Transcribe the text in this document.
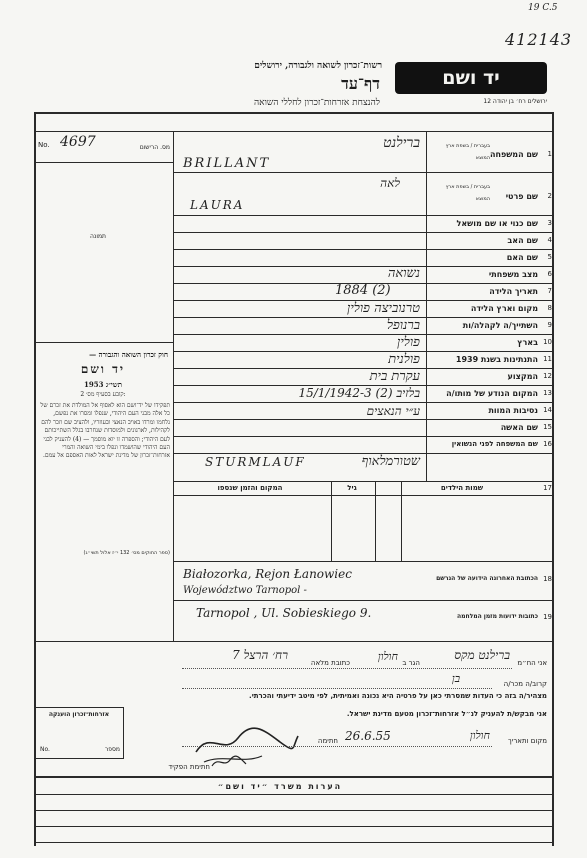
19 C.5
412143
רשות־זכרון לשואה ולגבורה, ירושלים
דף־עד
להנצחת אזרחות־זכרון לחללי השואה
יד ושם
ירושלים רח׳ בן יהודה 12
No. 4697	מס. הרישום
תמונה
חוק זכרון השואה והגבורה —
יד ושם
תשי״ג 1953
קובע בסעיף מס׳ 2:
תפקידו של יד־ושם הוא לאסוף אל המולדת את זכרם של כל אלה מבני העם היהודי, שנפלו ומסרו את נפשם, נלחמו ומרדו באויב הנאצי ובעוזריו, ולהציב שם וזכר להם לקהילות, לארגונים ולמוסדות שנחרבו בגלל השתייכותם לעם היהודי; והספרה זו יוא מוסמך — (4) להעניק לבני העם היהודי שהושמדו ונפלו בימי השואה והמרי אזרחות־זכרון של מדינת ישראל לאות האספם אל עמם.
(ספר החוקים מס׳ 132 י״ז אלול תשי״ג)
1
שם המשפחה
בעברית / בשפת ארץ המוצא
ברילנט
BRILLANT
2
שם פרטי
בעברית / בשפת ארץ המוצא
לאה
LAURA
3
שם כנוי או שם מושאל
4
שם האב
5
שם האם
6
מצב משפחתי
נשואה
7
תאריך הלידה
1884 (2)
8
מקום וארץ הלידה
טרנוביצה פולין
9
השתייך/ה לקהלה/ות
ברנופל
10
בארץ
פולין
11
התנתינות בשנת 1939
פולנית
12
המקצוע
עקרת בית
13
המקום הנודע של מותו/ה
בלזיב (2) 15/1/1942-3
14
נסיבות המוות
ע״י הנאצים
15
שם האשה
16
שם המשפחה לפני הנשואין
STURMLAUF	שטורמלאוף
17
שמות הילדים
גיל
המקום והזמן שנספו
18
הכתובת האחרונה הידועה של הנרשם
Białozorka, Rejon Łanowiec
Województwo Tarnopol -
19
כתובות ידועות מזמן המלחמה
Tarnopol , Ul. Sobieskiego 9.
אני הח״מ
ברילנט מקס
הגר ב
חולון
כתובת מלאה
רח׳ הרצל 7
קרוב/ה מכר/ה
בן
מצהיר/ה בזה כי העדות שמסרתי כאן על פרטיה היא נכונה ואמיתית, לפי מיטב ידיעתי והכרתי.
אני מבקש/ת להעניק לנ״ל אזרחות־זכרון מטעם מדינת ישראל.
מקום ותאריך
חולון
26.6.55
חתימה
חתימת הפקיד
אזרחות־זכרון הוענקה
No.	מספר
הערות משרד ״יד ושם״
